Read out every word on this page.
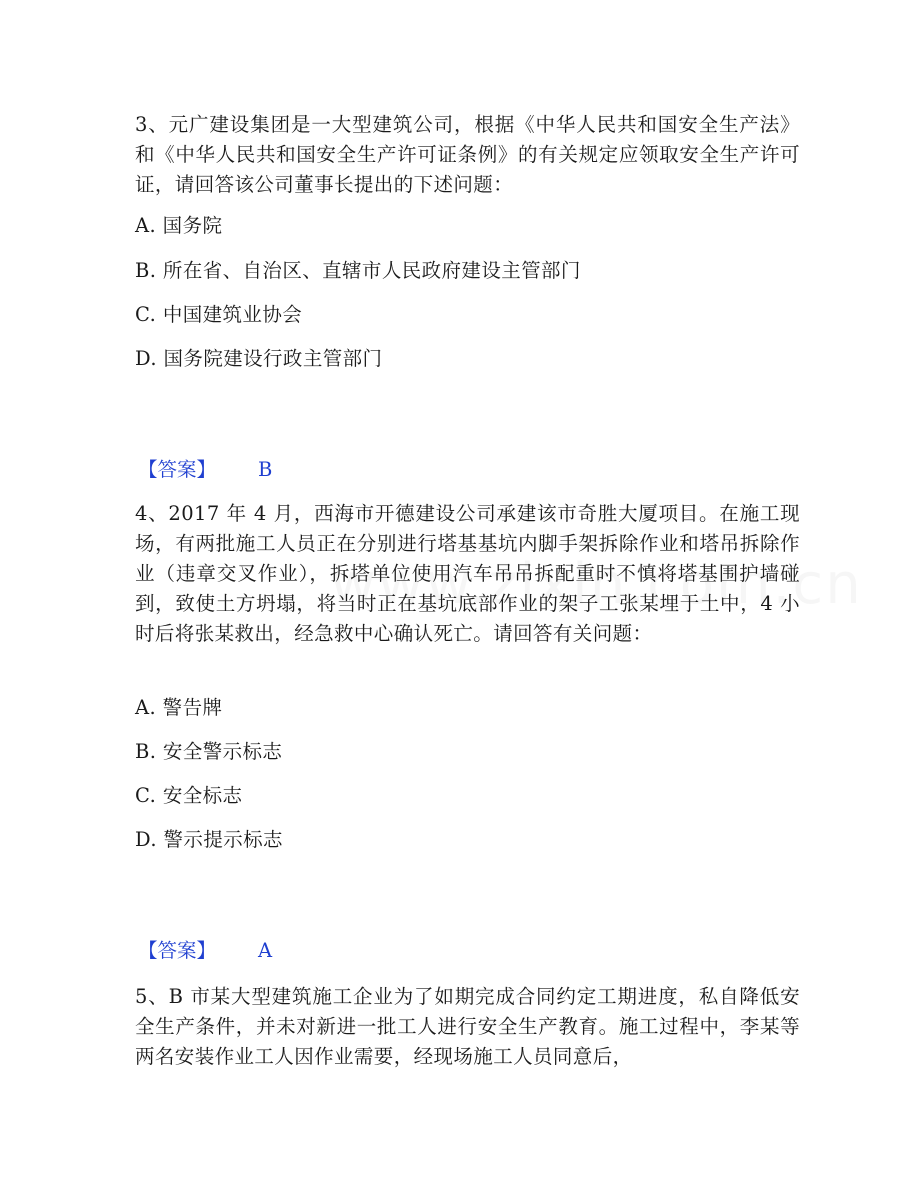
3、元广建设集团是一大型建筑公司，根据《中华人民共和国安全生产法》和《中华人民共和国安全生产许可证条例》的有关规定应领取安全生产许可证，请回答该公司董事长提出的下述问题：

A. 国务院
B. 所在省、自治区、直辖市人民政府建设主管部门
C. 中国建筑业协会
D. 国务院建设行政主管部门
【答案】 B

4、2017 年 4 月，西海市开德建设公司承建该市奇胜大厦项目。在施工现场，有两批施工人员正在分别进行塔基基坑内脚手架拆除作业和塔吊拆除作业（违章交叉作业），拆塔单位使用汽车吊吊拆配重时不慎将塔基围护墙碰到，致使土方坍塌，将当时正在基坑底部作业的架子工张某埋于土中，4 小时后将张某救出，经急救中心确认死亡。请回答有关问题：

A. 警告牌
B. 安全警示标志
C. 安全标志
D. 警示提示标志
【答案】 A

5、B 市某大型建筑施工企业为了如期完成合同约定工期进度，私自降低安全生产条件，并未对新进一批工人进行安全生产教育。施工过程中，李某等两名安装作业工人因作业需要，经现场施工人员同意后，
